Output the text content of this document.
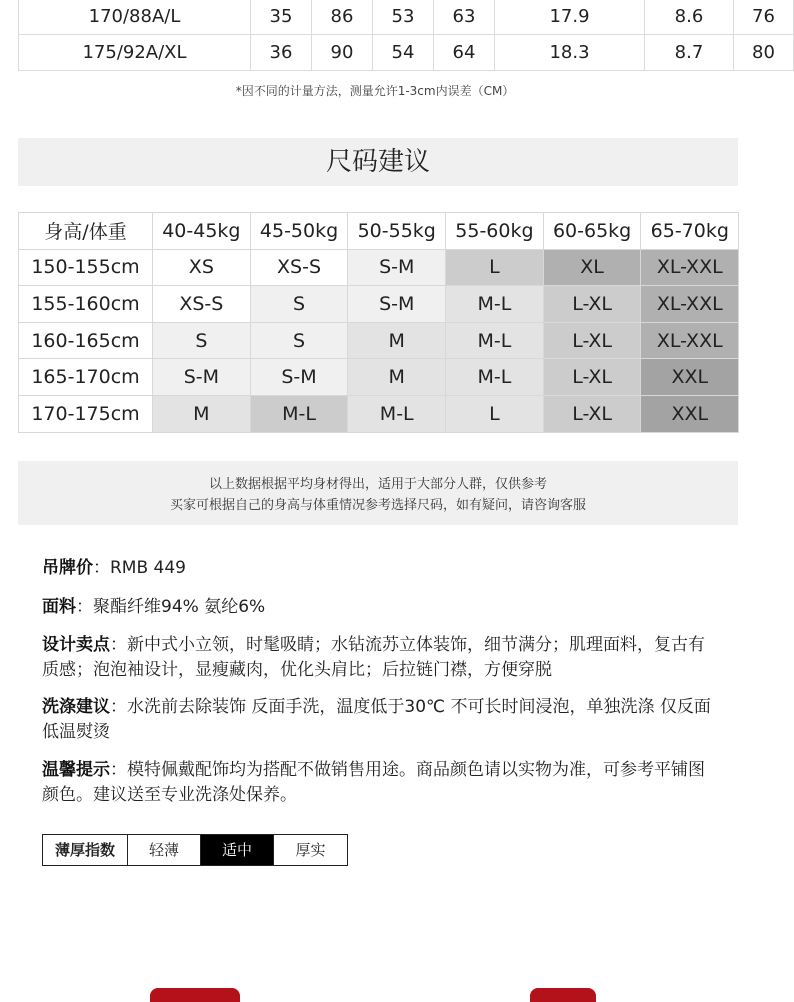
170/88A/L	35	86	53	63	17.9	8.6	76
175/92A/XL	36	90	54	64	18.3	8.7	80
*因不同的计量方法，测量允许1-3cm内误差（CM）
尺码建议
身高/体重	40-45kg	45-50kg	50-55kg	55-60kg	60-65kg	65-70kg
150-155cm	XS	XS-S	S-M	L	XL	XL-XXL
155-160cm	XS-S	S	S-M	M-L	L-XL	XL-XXL
160-165cm	S	S	M	M-L	L-XL	XL-XXL
165-170cm	S-M	S-M	M	M-L	L-XL	XXL
170-175cm	M	M-L	M-L	L	L-XL	XXL
以上数据根据平均身材得出，适用于大部分人群，仅供参考
买家可根据自己的身高与体重情况参考选择尺码，如有疑问，请咨询客服
吊牌价：RMB 449
面料：聚酯纤维94% 氨纶6%
设计卖点：新中式小立领，时髦吸睛；水钻流苏立体装饰，细节满分；肌理面料，复古有质感；泡泡袖设计，显瘦藏肉，优化头肩比；后拉链门襟，方便穿脱
洗涤建议：水洗前去除装饰 反面手洗，温度低于30℃ 不可长时间浸泡，单独洗涤 仅反面低温熨烫
温馨提示：模特佩戴配饰均为搭配不做销售用途。商品颜色请以实物为准，可参考平铺图颜色。建议送至专业洗涤处保养。
薄厚指数	轻薄	适中	厚实
